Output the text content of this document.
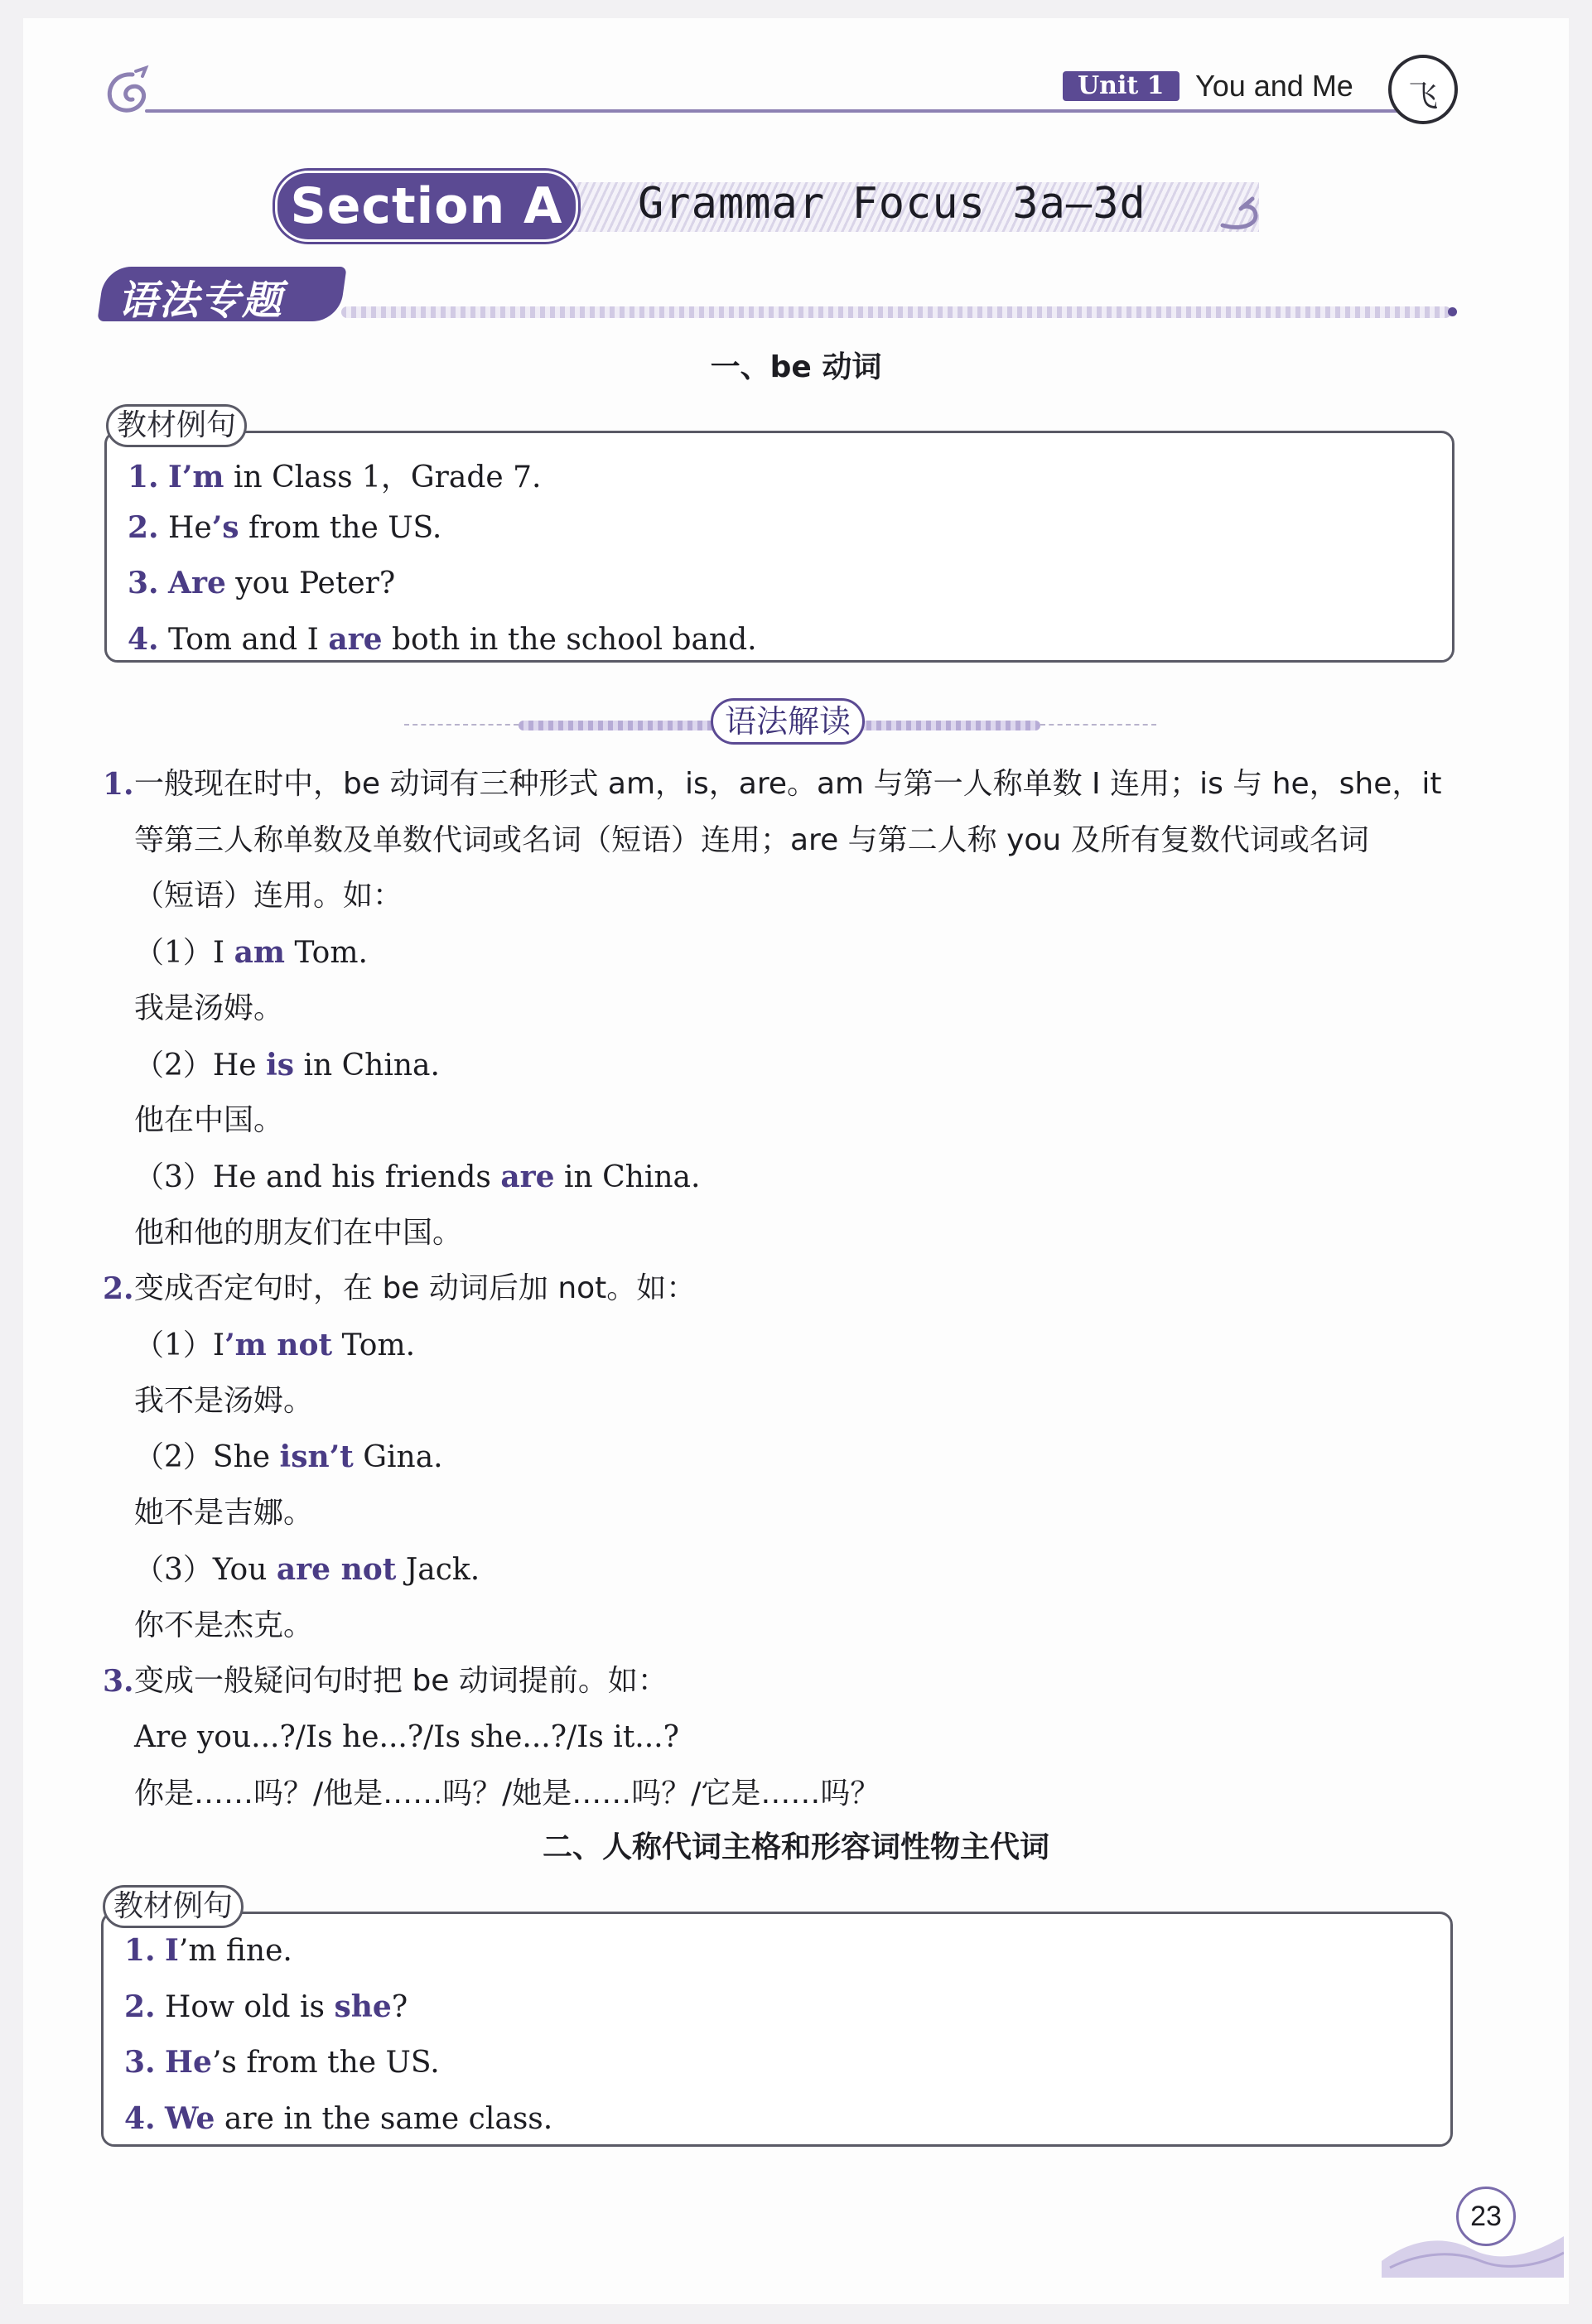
Unit 1	You and Me	飞
Section A	Grammar Focus 3a—3d
语法专题
一、be 动词
教材例句
1. I’m in Class 1，Grade 7.
2. He’s from the US.
3. Are you Peter?
4. Tom and I are both in the school band.
语法解读
1. 一般现在时中，be 动词有三种形式 am，is，are。am 与第一人称单数 I 连用；is 与 he，she，it
等第三人称单数及单数代词或名词（短语）连用；are 与第二人称 you 及所有复数代词或名词
（短语）连用。如：
（1）I am Tom.
我是汤姆。
（2）He is in China.
他在中国。
（3）He and his friends are in China.
他和他的朋友们在中国。
2. 变成否定句时，在 be 动词后加 not。如：
（1）I’m not Tom.
我不是汤姆。
（2）She isn’t Gina.
她不是吉娜。
（3）You are not Jack.
你不是杰克。
3. 变成一般疑问句时把 be 动词提前。如：
Are you...?/Is he...?/Is she...?/Is it...?
你是……吗？/他是……吗？/她是……吗？/它是……吗？
二、人称代词主格和形容词性物主代词
教材例句
1. I’m fine.
2. How old is she?
3. He’s from the US.
4. We are in the same class.
23
